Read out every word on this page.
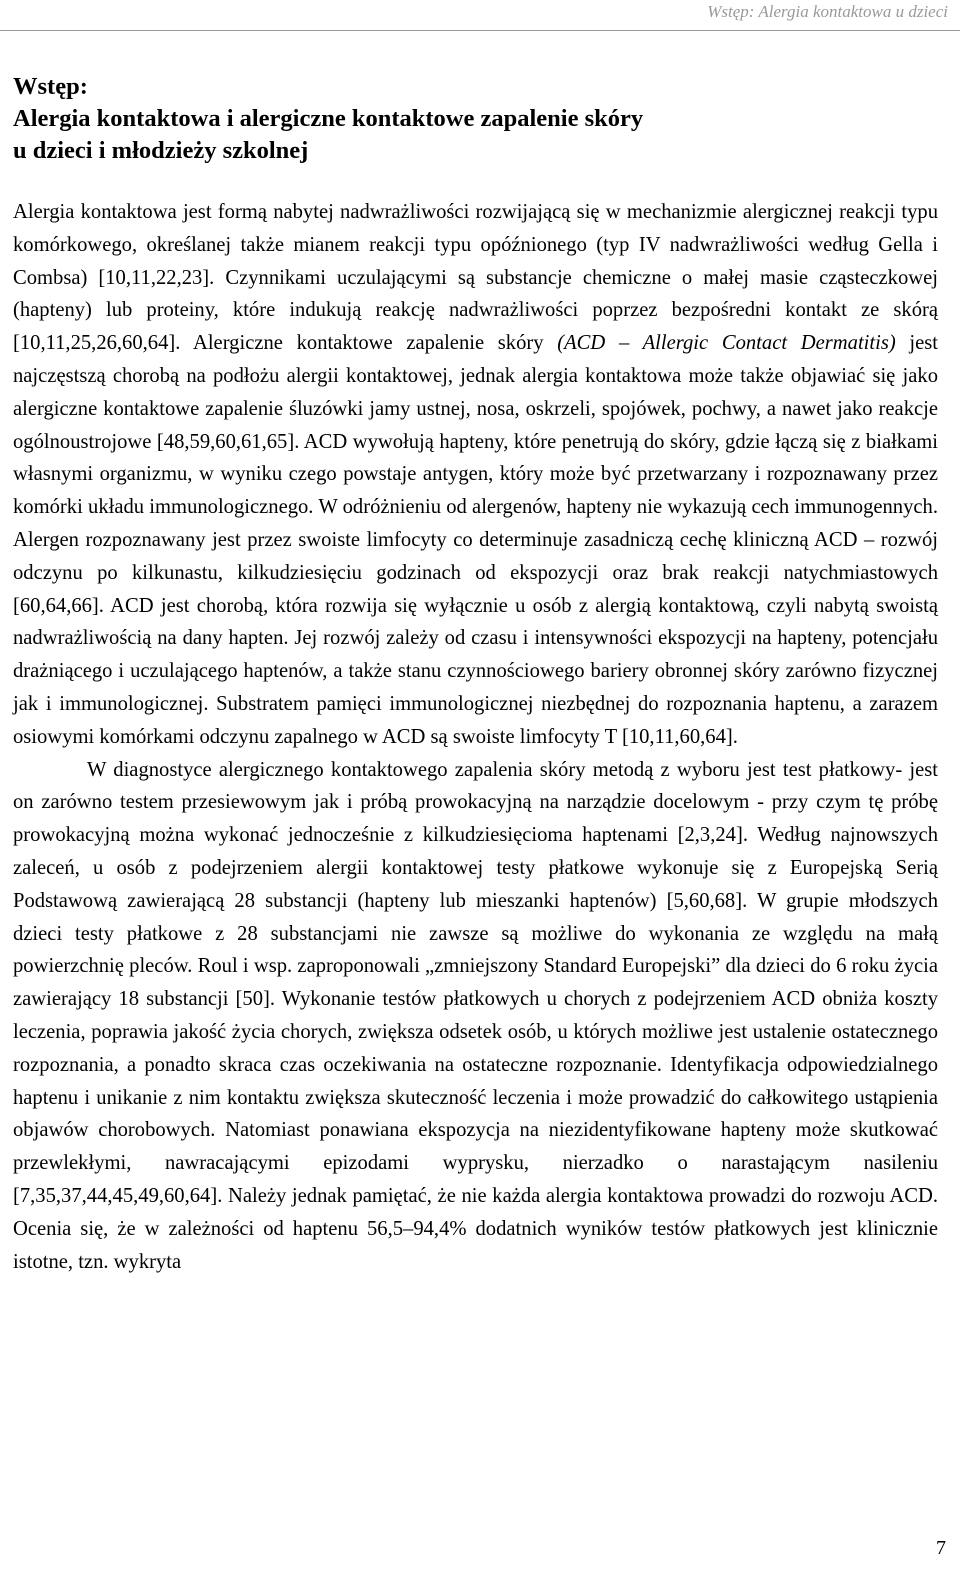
Wstęp: Alergia kontaktowa u dzieci
Wstęp:
Alergia kontaktowa i alergiczne kontaktowe zapalenie skóry
u dzieci i młodzieży szkolnej

Alergia kontaktowa jest formą nabytej nadwrażliwości rozwijającą się w mechanizmie alergicznej reakcji typu komórkowego, określanej także mianem reakcji typu opóźnionego (typ IV nadwrażliwości według Gella i Combsa) [10,11,22,23]. Czynnikami uczulającymi są substancje chemiczne o małej masie cząsteczkowej (hapteny) lub proteiny, które indukują reakcję nadwrażliwości poprzez bezpośredni kontakt ze skórą [10,11,25,26,60,64]. Alergiczne kontaktowe zapalenie skóry (ACD – Allergic Contact Dermatitis) jest najczęstszą chorobą na podłożu alergii kontaktowej, jednak alergia kontaktowa może także objawiać się jako alergiczne kontaktowe zapalenie śluzówki jamy ustnej, nosa, oskrzeli, spojówek, pochwy, a nawet jako reakcje ogólnoustrojowe [48,59,60,61,65]. ACD wywołują hapteny, które penetrują do skóry, gdzie łączą się z białkami własnymi organizmu, w wyniku czego powstaje antygen, który może być przetwarzany i rozpoznawany przez komórki układu immunologicznego. W odróżnieniu od alergenów, hapteny nie wykazują cech immunogennych. Alergen rozpoznawany jest przez swoiste limfocyty co determinuje zasadniczą cechę kliniczną ACD – rozwój odczynu po kilkunastu, kilkudziesięciu godzinach od ekspozycji oraz brak reakcji natychmiastowych [60,64,66]. ACD jest chorobą, która rozwija się wyłącznie u osób z alergią kontaktową, czyli nabytą swoistą nadwrażliwością na dany hapten. Jej rozwój zależy od czasu i intensywności ekspozycji na hapteny, potencjału drażniącego i uczulającego haptenów, a także stanu czynnościowego bariery obronnej skóry zarówno fizycznej jak i immunologicznej. Substratem pamięci immunologicznej niezbędnej do rozpoznania haptenu, a zarazem osiowymi komórkami odczynu zapalnego w ACD są swoiste limfocyty T [10,11,60,64].

W diagnostyce alergicznego kontaktowego zapalenia skóry metodą z wyboru jest test płatkowy- jest on zarówno testem przesiewowym jak i próbą prowokacyjną na narządzie docelowym - przy czym tę próbę prowokacyjną można wykonać jednocześnie z kilkudziesięcioma haptenami [2,3,24]. Według najnowszych zaleceń, u osób z podejrzeniem alergii kontaktowej testy płatkowe wykonuje się z Europejską Serią Podstawową zawierającą 28 substancji (hapteny lub mieszanki haptenów) [5,60,68]. W grupie młodszych dzieci testy płatkowe z 28 substancjami nie zawsze są możliwe do wykonania ze względu na małą powierzchnię pleców. Roul i wsp. zaproponowali „zmniejszony Standard Europejski” dla dzieci do 6 roku życia zawierający 18 substancji [50]. Wykonanie testów płatkowych u chorych z podejrzeniem ACD obniża koszty leczenia, poprawia jakość życia chorych, zwiększa odsetek osób, u których możliwe jest ustalenie ostatecznego rozpoznania, a ponadto skraca czas oczekiwania na ostateczne rozpoznanie. Identyfikacja odpowiedzialnego haptenu i unikanie z nim kontaktu zwiększa skuteczność leczenia i może prowadzić do całkowitego ustąpienia objawów chorobowych. Natomiast ponawiana ekspozycja na niezidentyfikowane hapteny może skutkować przewlekłymi, nawracającymi epizodami wyprysku, nierzadko o narastającym nasileniu [7,35,37,44,45,49,60,64]. Należy jednak pamiętać, że nie każda alergia kontaktowa prowadzi do rozwoju ACD. Ocenia się, że w zależności od haptenu 56,5–94,4% dodatnich wyników testów płatkowych jest klinicznie istotne, tzn. wykryta

7
